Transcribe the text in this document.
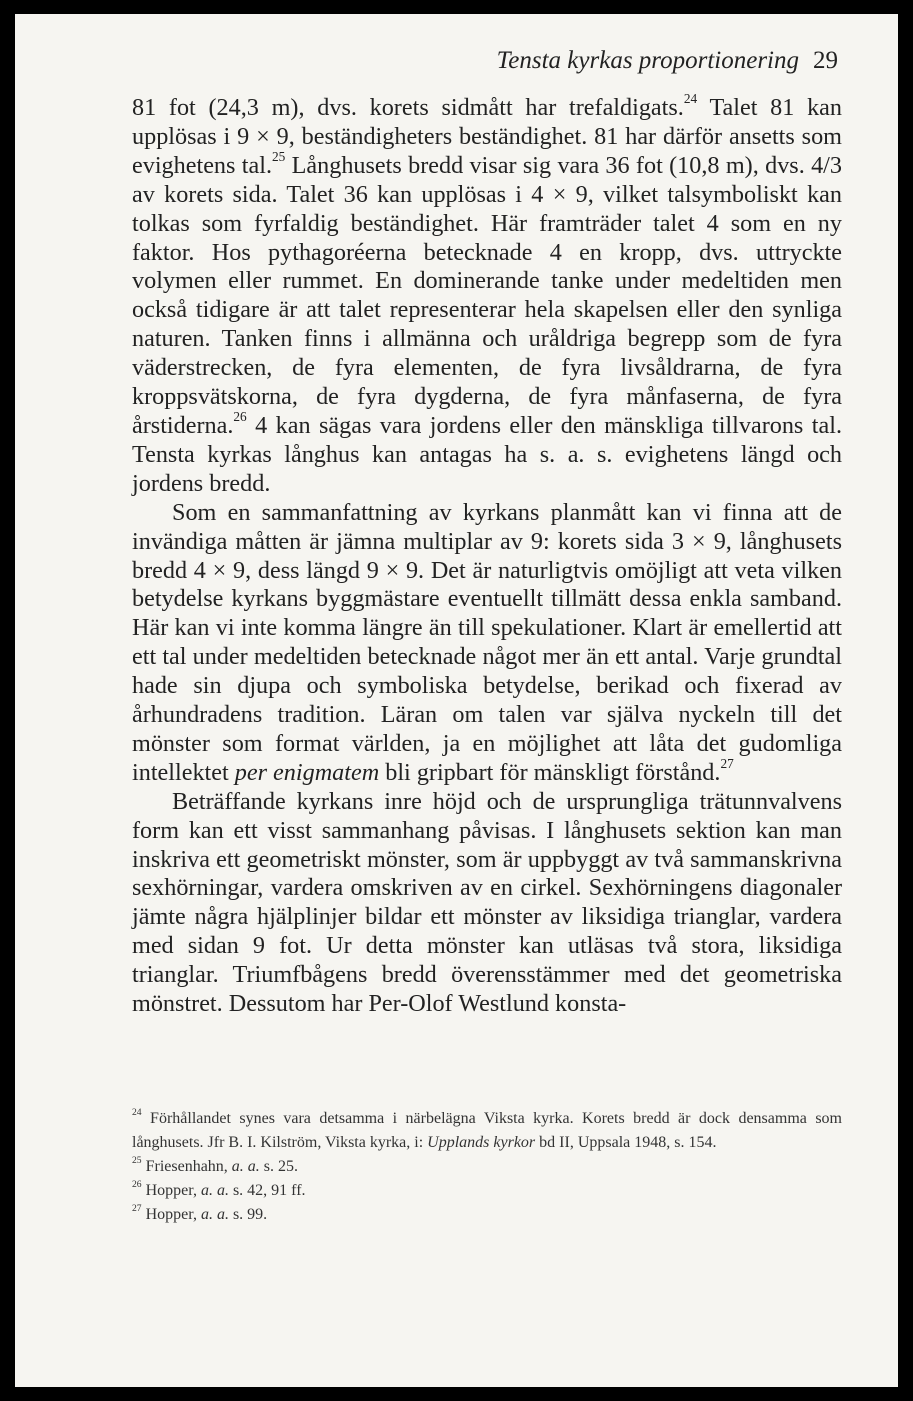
Tensta kyrkas proportionering 29

81 fot (24,3 m), dvs. korets sidmått har trefaldigats.$^{24}$ Talet 81 kan upplösas i 9 × 9, beständigheters beständighet. 81 har därför ansetts som evighetens tal.$^{25}$ Långhusets bredd visar sig vara 36 fot (10,8 m), dvs. 4/3 av korets sida. Talet 36 kan upplösas i 4 × 9, vilket talsymboliskt kan tolkas som fyrfaldig beständighet. Här framträder talet 4 som en ny faktor. Hos pythagoréerna betecknade 4 en kropp, dvs. uttryckte volymen eller rummet. En dominerande tanke under medeltiden men också tidigare är att talet representerar hela skapelsen eller den synliga naturen. Tanken finns i allmänna och uråldriga begrepp som de fyra väderstrecken, de fyra elementen, de fyra livsåldrarna, de fyra kroppsvätskorna, de fyra dygderna, de fyra månfaserna, de fyra årstiderna.$^{26}$ 4 kan sägas vara jordens eller den mänskliga tillvarons tal. Tensta kyrkas långhus kan antagas ha s. a. s. evighetens längd och jordens bredd.

Som en sammanfattning av kyrkans planmått kan vi finna att de invändiga måtten är jämna multiplar av 9: korets sida 3 × 9, långhusets bredd 4 × 9, dess längd 9 × 9. Det är naturligtvis omöjligt att veta vilken betydelse kyrkans byggmästare eventuellt tillmätt dessa enkla samband. Här kan vi inte komma längre än till spekulationer. Klart är emellertid att ett tal under medeltiden betecknade något mer än ett antal. Varje grundtal hade sin djupa och symboliska betydelse, berikad och fixerad av århundradens tradition. Läran om talen var själva nyckeln till det mönster som format världen, ja en möjlighet att låta det gudomliga intellektet per enigmatem bli gripbart för mänskligt förstånd.$^{27}$

Beträffande kyrkans inre höjd och de ursprungliga trätunnvalvens form kan ett visst sammanhang påvisas. I långhusets sektion kan man inskriva ett geometriskt mönster, som är uppbyggt av två sammanskrivna sexhörningar, vardera omskriven av en cirkel. Sexhörningens diagonaler jämte några hjälplinjer bildar ett mönster av liksidiga trianglar, vardera med sidan 9 fot. Ur detta mönster kan utläsas två stora, liksidiga trianglar. Triumfbågens bredd överensstämmer med det geometriska mönstret. Dessutom har Per-Olof Westlund konsta-

$^{24}$ Förhållandet synes vara detsamma i närbelägna Viksta kyrka. Korets bredd är dock densamma som långhusets. Jfr B. I. Kilström, Viksta kyrka, i: Upplands kyrkor bd II, Uppsala 1948, s. 154.

$^{25}$ Friesenhahn, a. a. s. 25.

$^{26}$ Hopper, a. a. s. 42, 91 ff.

$^{27}$ Hopper, a. a. s. 99.
